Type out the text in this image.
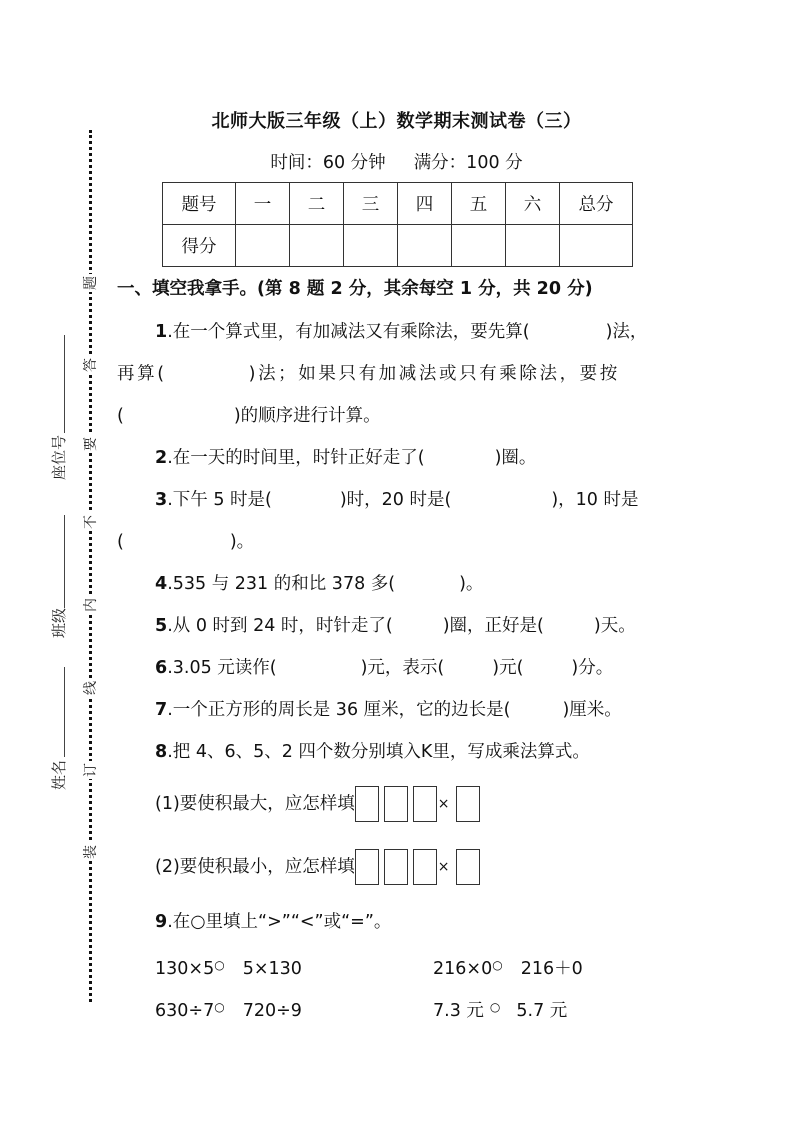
题
答
要
不
内
线
订
装
座位号
班级
姓名
北师大版三年级（上）数学期末测试卷（三）
时间：60 分钟 满分：100 分
题号	一	二	三	四	五	六	总分
得分							
一、填空我拿手。(第 8 题 2 分，其余每空 1 分，共 20 分)
1.在一个算式里，有加减法又有乘除法，要先算(	)法，
再算(	)法；如果只有加减法或只有乘除法，要按
(	)的顺序进行计算。
2.在一天的时间里，时针正好走了(	)圈。
3.下午 5 时是(	)时，20 时是(	)，10 时是
(	)。
4.535 与 231 的和比 378 多(	)。
5.从 0 时到 24 时，时针走了(	)圈，正好是(	)天。
6.3.05 元读作(	)元，表示(	)元(	)分。
7.一个正方形的周长是 36 厘米，它的边长是(	)厘米。
8.把 4、6、5、2 四个数分别填入K里，写成乘法算式。
(1)要使积最大，应怎样填	×
(2)要使积最小，应怎样填	×
9.在○里填上“>”“<”或“=”。
130×5○ 5×130	216×0○ 216＋0
630÷7○ 720÷9	7.3 元 ○ 5.7 元
